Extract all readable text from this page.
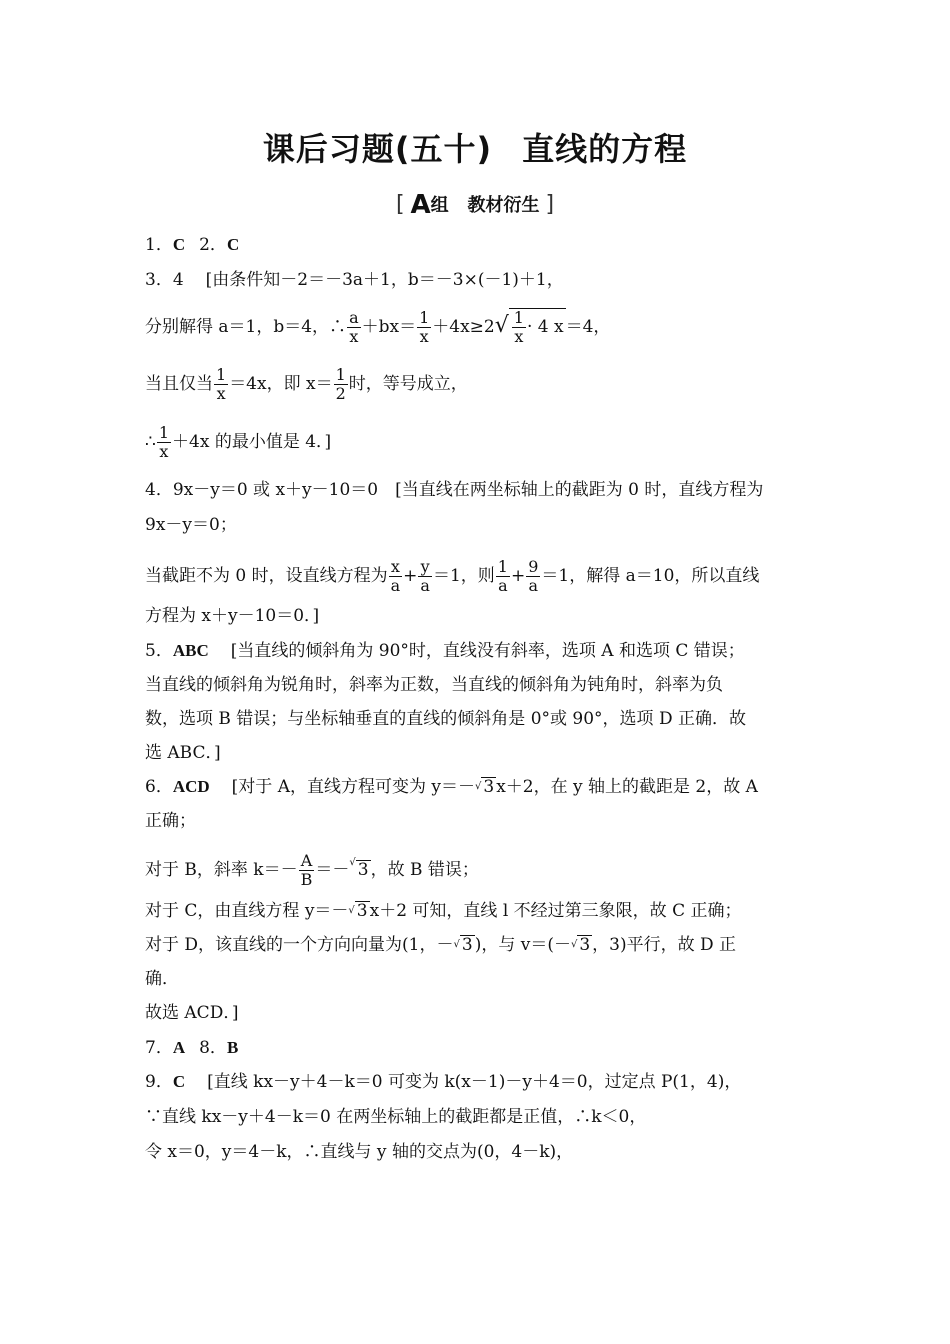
课后习题(五十) 直线的方程
[ A组 教材衍生 ]
1．C 2．C
3．4 [由条件知－2＝－3a＋1，b＝－3×(－1)＋1，
分别解得 a＝1，b＝4，∴ $\frac{a}{x} +bx= \frac{1}{x} +4x\ge 2√ \frac{1}{x} \cdot 4$ x ＝4，
当且仅当 $\frac{1}{x} =4x$，即 $x= \frac{1}{2}$ 时，等号成立，
∴ $\frac{1}{x} +4x$ 的最小值是 4．]
4．9x－y＝0 或 x＋y－10＝0　[当直线在两坐标轴上的截距为 0 时，直线方程为
9x－y＝0；
当截距不为 0 时，设直线方程为 $\frac{x}{a} + \frac{y}{a} =1$，则 $\frac{1}{a} + \frac{9}{a} =1$，解得 a＝10，所以直线
方程为 x＋y－10＝0．]
5．ABC [当直线的倾斜角为 90°时，直线没有斜率，选项 A 和选项 C 错误；
当直线的倾斜角为锐角时，斜率为正数，当直线的倾斜角为钝角时，斜率为负
数，选项 B 错误；与坐标轴垂直的直线的倾斜角是 0°或 90°，选项 D 正确．故
选 ABC．]
6．ACD [对于 A，直线方程可变为 y＝－√ 3 x＋2，在 y 轴上的截距是 2，故 A
正确；
对于 B，斜率 $k=- \frac{A}{B} =-^√$ 3 ，故 B 错误；
对于 C，由直线方程 y＝－√ 3 x＋2 可知，直线 l 不经过第三象限，故 C 正确；
对于 D，该直线的一个方向向量为(1，－√ 3 )，与 v＝(－√ 3 ，3)平行，故 D 正
确．
故选 ACD．]
7．A 8．B
9．C [直线 kx－y＋4－k＝0 可变为 k(x－1)－y＋4＝0，过定点 P(1，4)，
∵直线 kx－y＋4－k＝0 在两坐标轴上的截距都是正值，∴k＜0，
令 x＝0，y＝4－k，∴直线与 y 轴的交点为(0，4－k)，
